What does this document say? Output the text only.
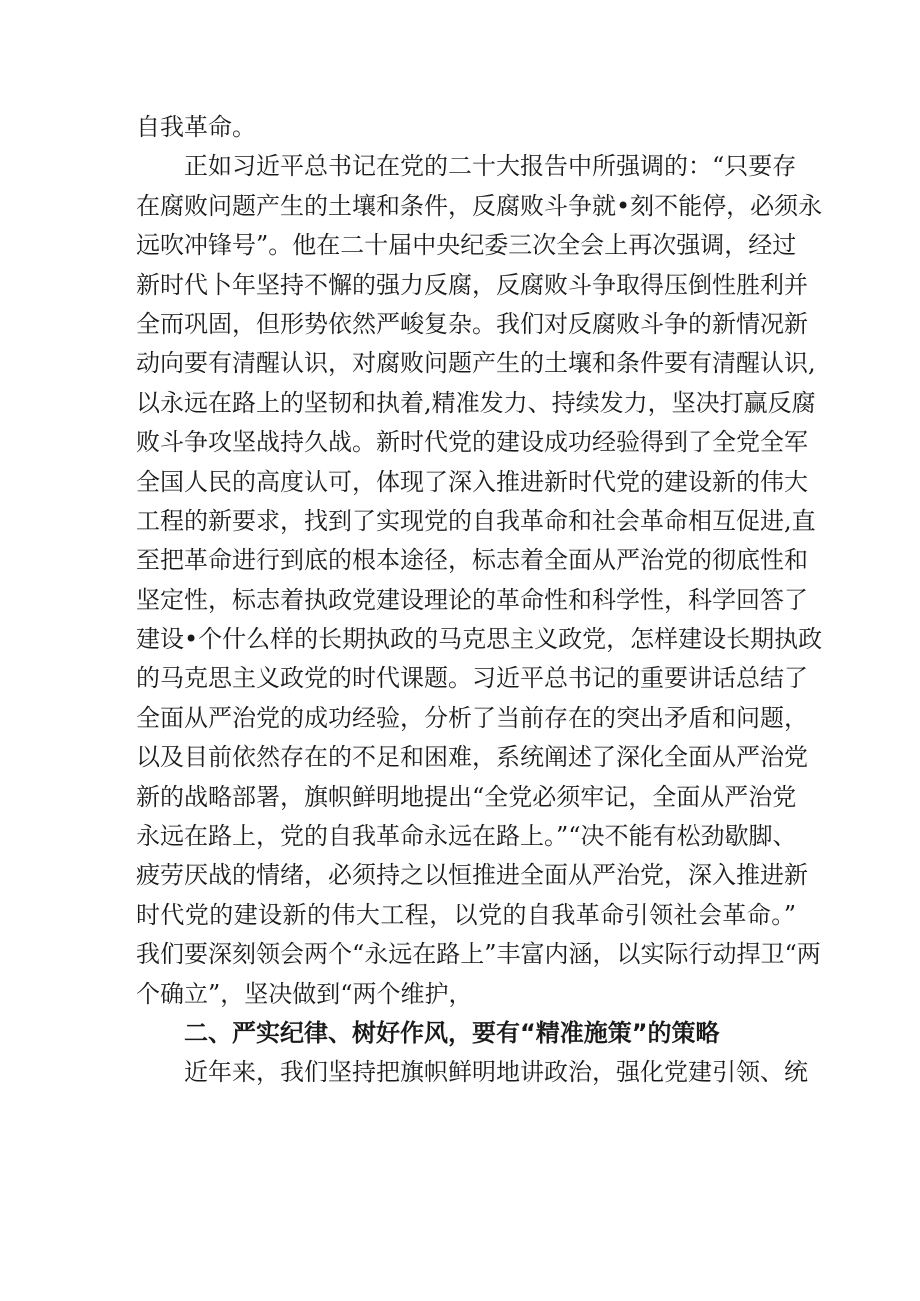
自我革命。
正如习近平总书记在党的二十大报告中所强调的：“只要存
在腐败问题产生的土壤和条件，反腐败斗争就•刻不能停，必须永
远吹冲锋号”。他在二十届中央纪委三次全会上再次强调，经过
新时代卜年坚持不懈的强力反腐，反腐败斗争取得压倒性胜利并
全而巩固，但形势依然严峻复杂。我们对反腐败斗争的新情况新
动向要有清醒认识，对腐败问题产生的土壤和条件要有清醒认识,
以永远在路上的坚韧和执着,精准发力、持续发力，坚决打赢反腐
败斗争攻坚战持久战。新时代党的建设成功经验得到了全党全军
全国人民的高度认可，体现了深入推进新时代党的建设新的伟大
工程的新要求，找到了实现党的自我革命和社会革命相互促进,直
至把革命进行到底的根本途径，标志着全面从严治党的彻底性和
坚定性，标志着执政党建设理论的革命性和科学性，科学回答了
建设•个什么样的长期执政的马克思主义政党，怎样建设长期执政
的马克思主义政党的时代课题。习近平总书记的重要讲话总结了
全面从严治党的成功经验，分析了当前存在的突出矛盾和问题，
以及目前依然存在的不足和困难，系统阐述了深化全面从严治党
新的战略部署，旗帜鲜明地提出“全党必须牢记，全面从严治党
永远在路上，党的自我革命永远在路上。”“决不能有松劲歇脚、
疲劳厌战的情绪，必须持之以恒推进全面从严治党，深入推进新
时代党的建设新的伟大工程，以党的自我革命引领社会革命。”
我们要深刻领会两个“永远在路上”丰富内涵，以实际行动捍卫“两
个确立”，坚决做到“两个维护，
二、严实纪律、树好作风，要有“精准施策”的策略
近年来，我们坚持把旗帜鲜明地讲政治，强化党建引领、统
